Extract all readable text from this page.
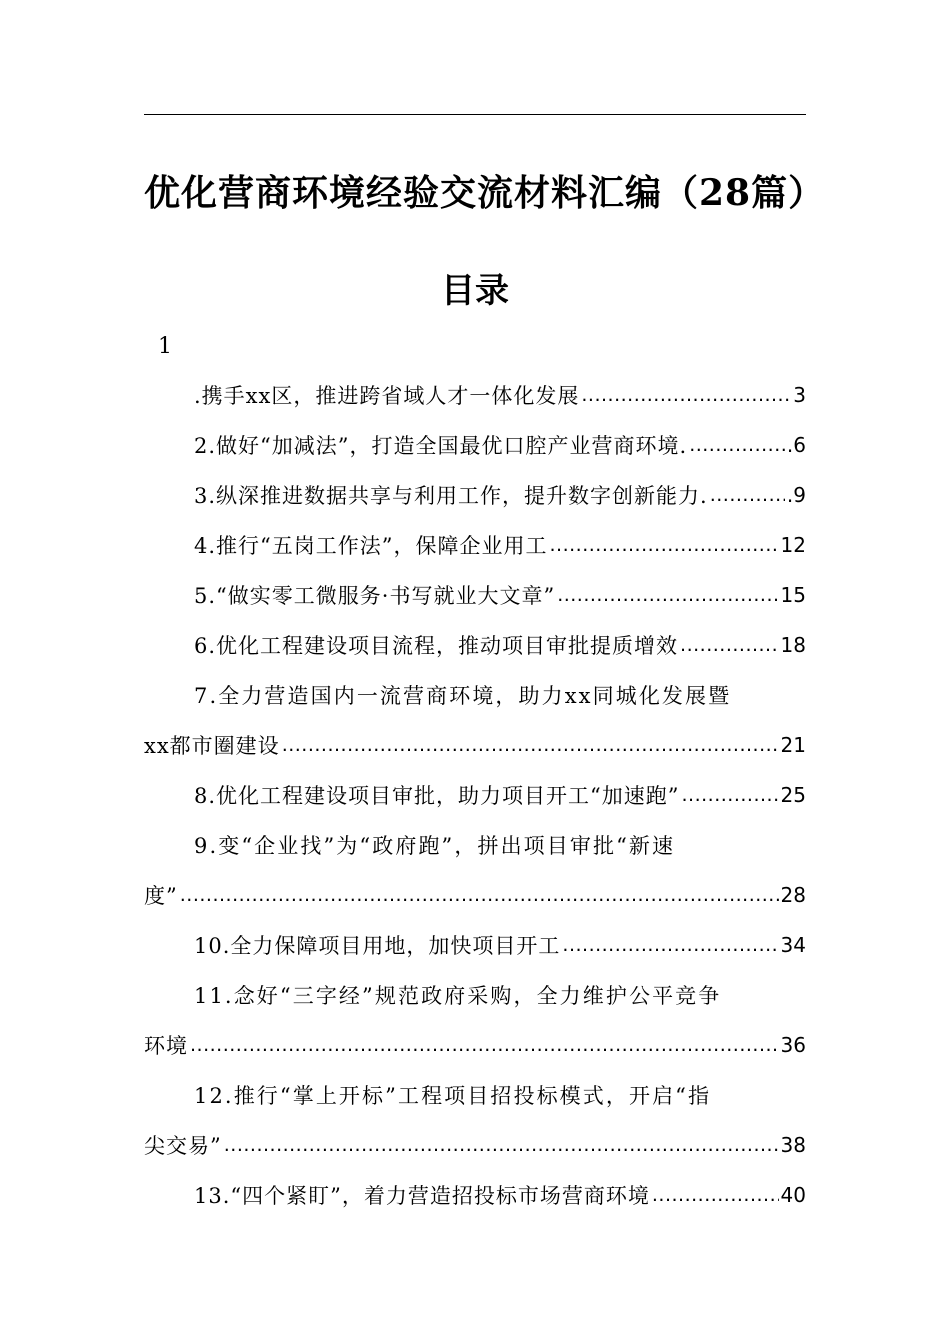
优化营商环境经验交流材料汇编（28篇）
目录
1
.携手xx区，推进跨省域人才一体化发展 .....	3
2.做好“加减法”，打造全国最优口腔产业营商环境. .....	.6
3.纵深推进数据共享与利用工作，提升数字创新能力. .....	.9
4.推行“五岗工作法”，保障企业用工 .....	12
5.“做实零工微服务·书写就业大文章” .....	15
6.优化工程建设项目流程，推动项目审批提质增效 .....	18
7.全力营造国内一流营商环境，助力xx同城化发展暨
xx都市圈建设 .....	21
8.优化工程建设项目审批，助力项目开工“加速跑” .....	25
9.变“企业找”为“政府跑”，拼出项目审批“新速
度” .....	28
10.全力保障项目用地，加快项目开工 .....	34
11.念好“三字经”规范政府采购，全力维护公平竞争
环境 .....	36
12.推行“掌上开标”工程项目招投标模式，开启“指
尖交易” .....	38
13.“四个紧盯”，着力营造招投标市场营商环境 .....	40
